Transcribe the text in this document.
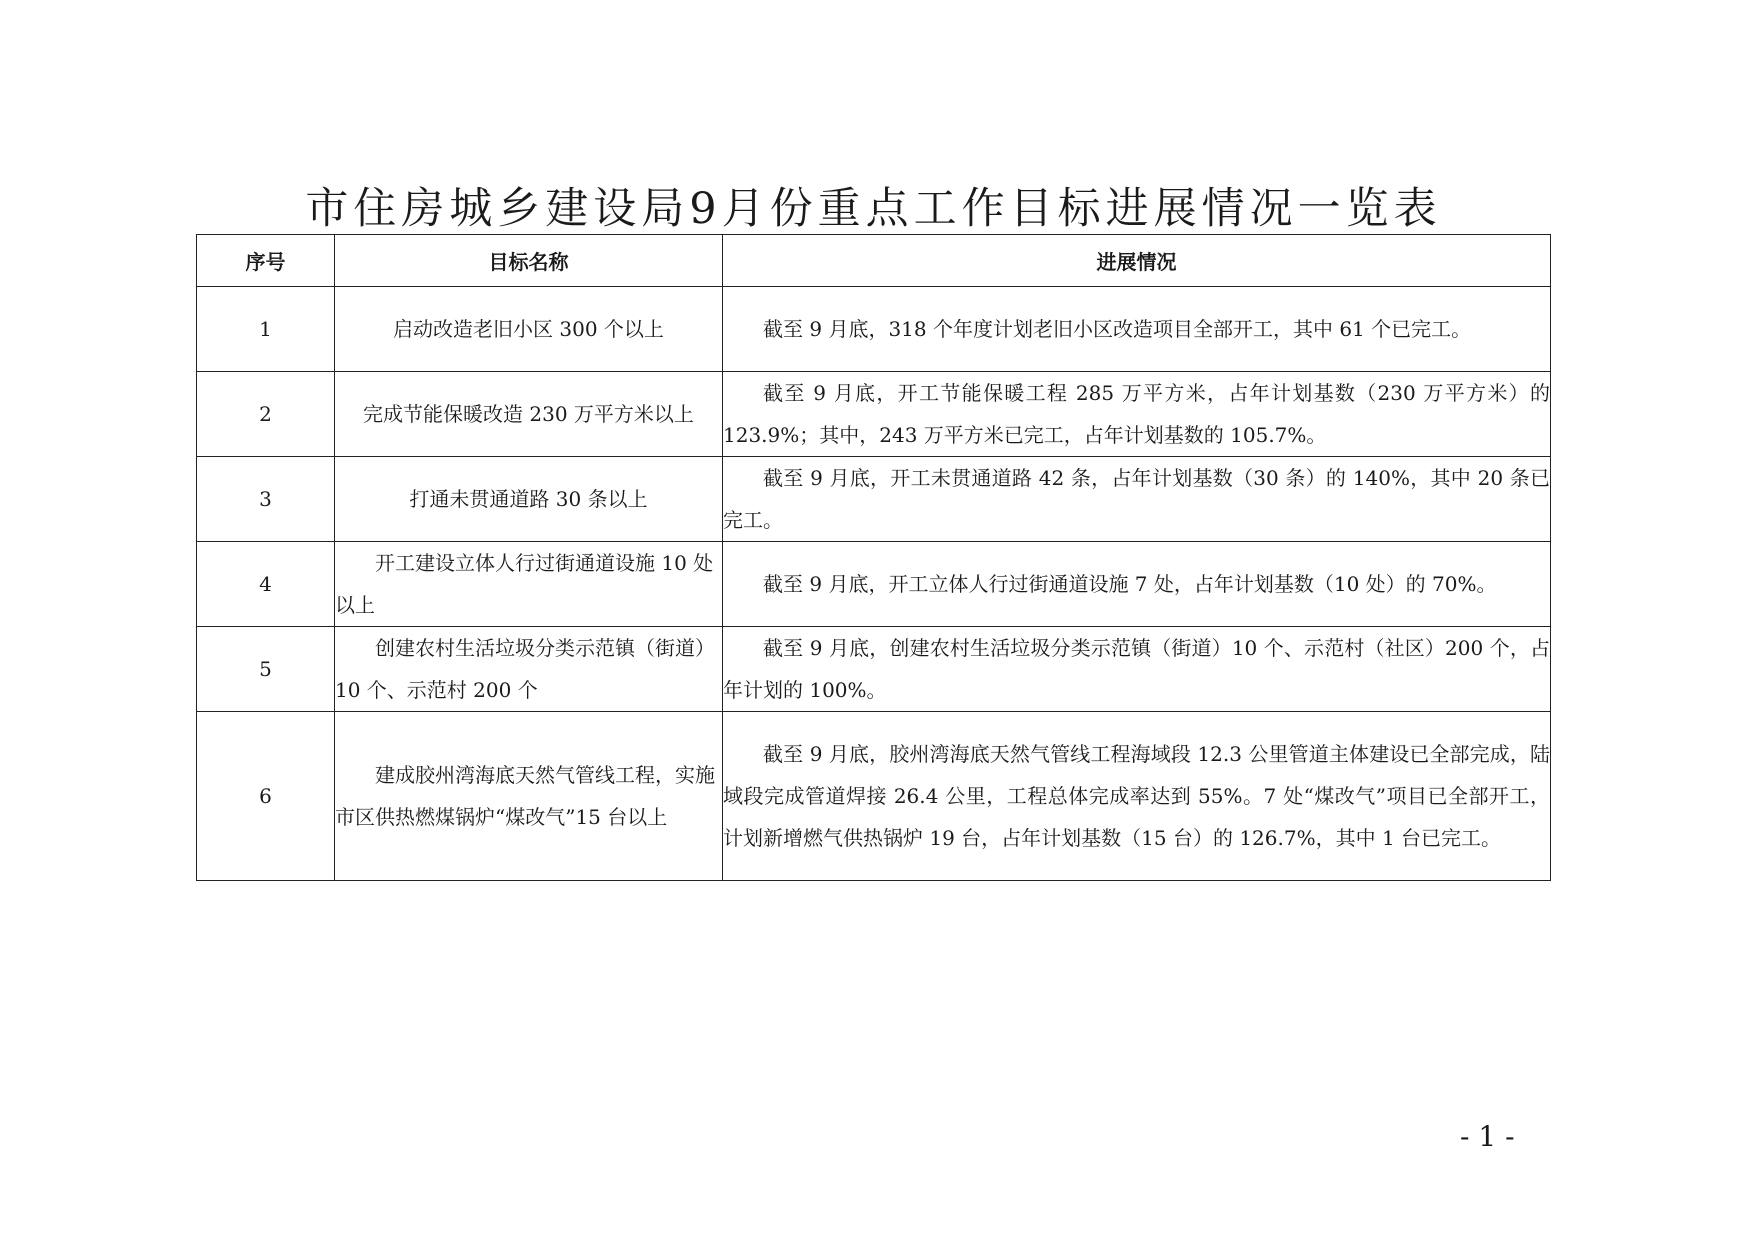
市住房城乡建设局9月份重点工作目标进展情况一览表
序号	目标名称	进展情况
1	启动改造老旧小区 300 个以上	截至 9 月底，318 个年度计划老旧小区改造项目全部开工，其中 61 个已完工。
2	完成节能保暖改造 230 万平方米以上	截至 9 月底，开工节能保暖工程 285 万平方米，占年计划基数（230 万平方米）的 123.9%；其中，243 万平方米已完工，占年计划基数的 105.7%。
3	打通未贯通道路 30 条以上	截至 9 月底，开工未贯通道路 42 条，占年计划基数（30 条）的 140%，其中 20 条已完工。
4	开工建设立体人行过街通道设施 10 处以上	截至 9 月底，开工立体人行过街通道设施 7 处，占年计划基数（10 处）的 70%。
5	创建农村生活垃圾分类示范镇（街道）10 个、示范村 200 个	截至 9 月底，创建农村生活垃圾分类示范镇（街道）10 个、示范村（社区）200 个，占年计划的 100%。
6	建成胶州湾海底天然气管线工程，实施市区供热燃煤锅炉“煤改气”15 台以上	截至 9 月底，胶州湾海底天然气管线工程海域段 12.3 公里管道主体建设已全部完成，陆域段完成管道焊接 26.4 公里，工程总体完成率达到 55%。7 处“煤改气”项目已全部开工，计划新增燃气供热锅炉 19 台，占年计划基数（15 台）的 126.7%，其中 1 台已完工。
- 1 -
